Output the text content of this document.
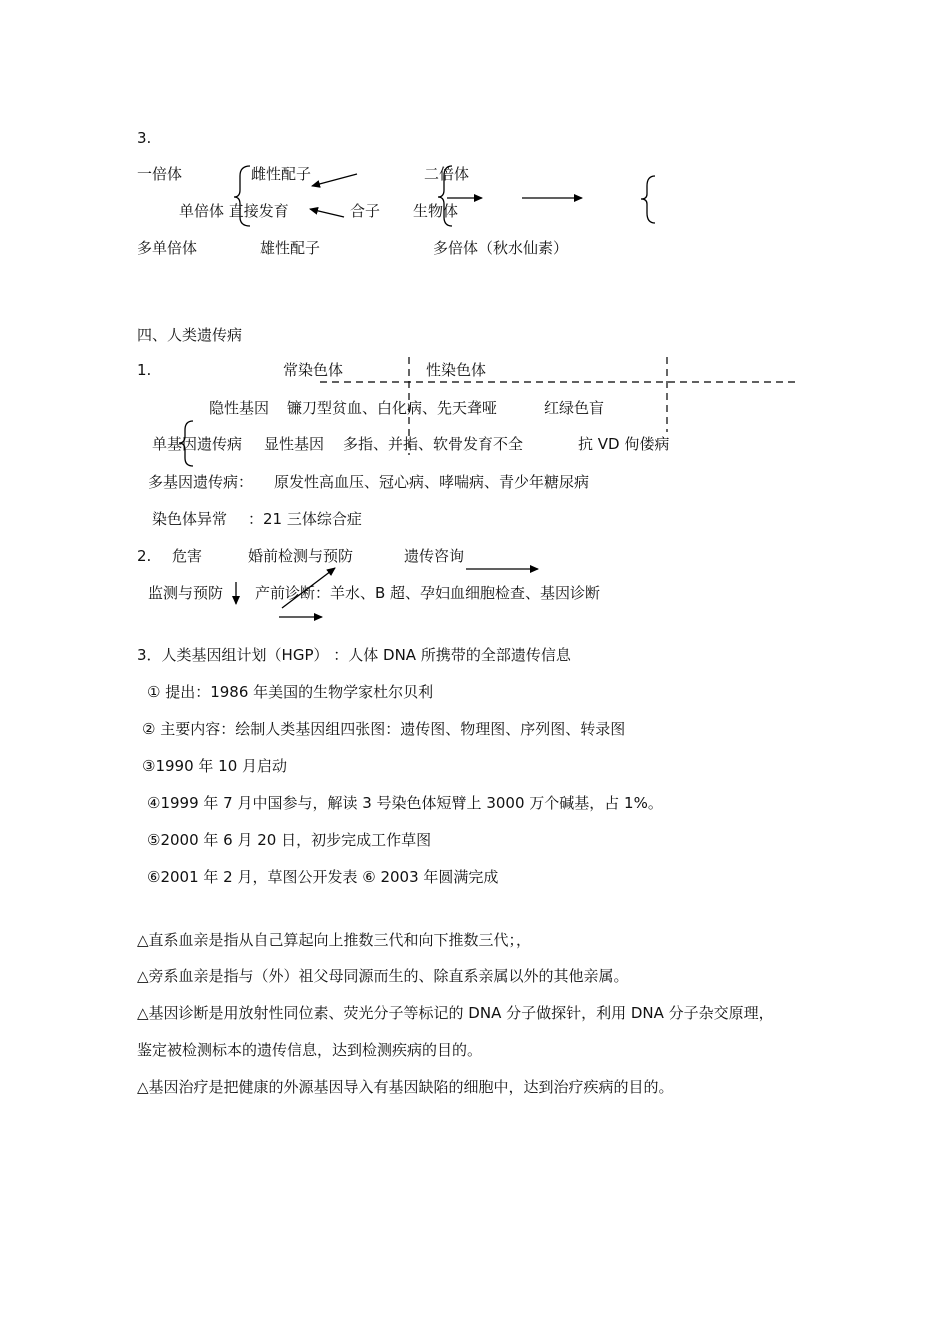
3.
一倍体	雌性配子	二倍体
单倍体 直接发育	合子 生物体
多单倍体	雄性配子	多倍体（秋水仙素）
四、人类遗传病
1.	常染色体	性染色体
隐性基因 镰刀型贫血、白化病、先天聋哑	红绿色盲
单基因遗传病 显性基因 多指、并指、软骨发育不全	抗 VD 佝偻病
多基因遗传病： 原发性高血压、冠心病、哮喘病、青少年糖尿病
染色体异常 ：21 三体综合症
2. 危害	婚前检测与预防	遗传咨询
监测与预防 产前诊断：羊水、B 超、孕妇血细胞检查、基因诊断
3．人类基因组计划（HGP） ：人体 DNA 所携带的全部遗传信息
① 提出：1986 年美国的生物学家杜尔贝利
② 主要内容：绘制人类基因组四张图：遗传图、物理图、序列图、转录图
③1990 年 10 月启动
④1999 年 7 月中国参与，解读 3 号染色体短臂上 3000 万个碱基，占 1%。
⑤2000 年 6 月 20 日，初步完成工作草图
⑥2001 年 2 月，草图公开发表 ⑥ 2003 年圆满完成
△直系血亲是指从自己算起向上推数三代和向下推数三代；，
△旁系血亲是指与（外）祖父母同源而生的、除直系亲属以外的其他亲属。
△基因诊断是用放射性同位素、荧光分子等标记的 DNA 分子做探针，利用 DNA 分子杂交原理，
鉴定被检测标本的遗传信息，达到检测疾病的目的。
△基因治疗是把健康的外源基因导入有基因缺陷的细胞中，达到治疗疾病的目的。
